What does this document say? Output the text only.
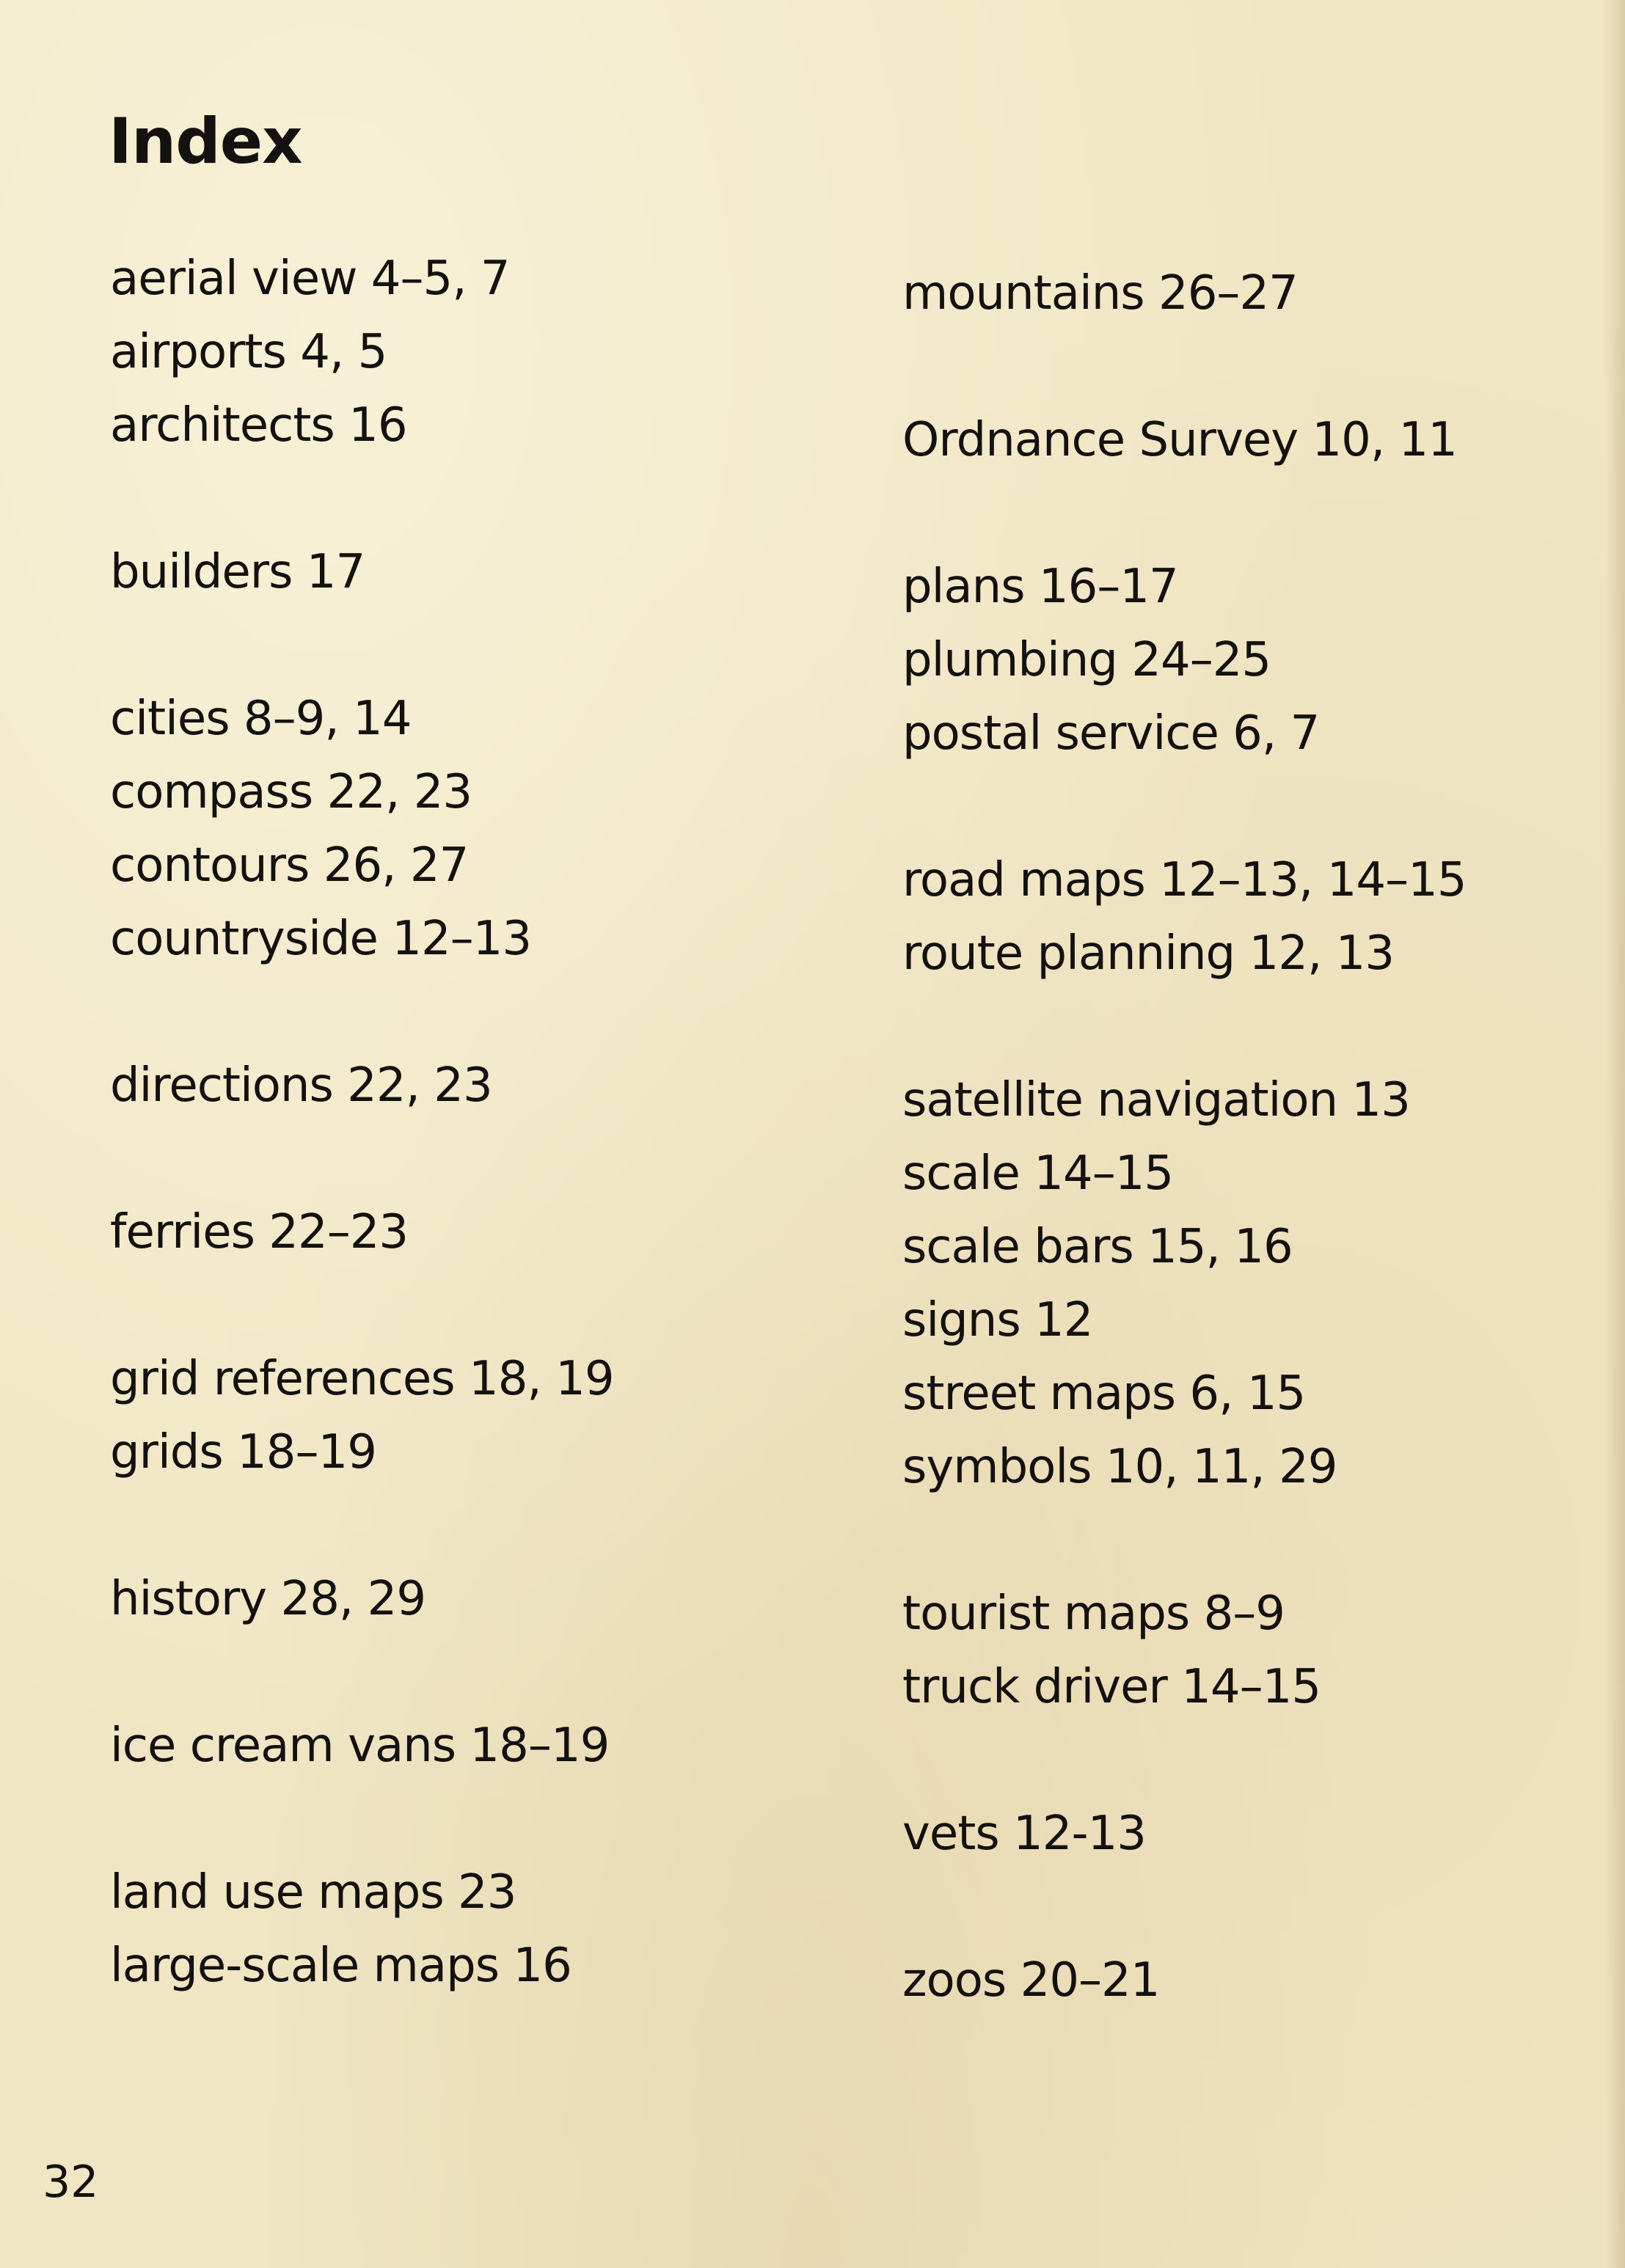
Index
aerial view 4–5, 7
airports 4, 5
architects 16
builders 17
cities 8–9, 14
compass 22, 23
contours 26, 27
countryside 12–13
directions 22, 23
ferries 22–23
grid references 18, 19
grids 18–19
history 28, 29
ice cream vans 18–19
land use maps 23
large-scale maps 16
mountains 26–27
Ordnance Survey 10, 11
plans 16–17
plumbing 24–25
postal service 6, 7
road maps 12–13, 14–15
route planning 12, 13
satellite navigation 13
scale 14–15
scale bars 15, 16
signs 12
street maps 6, 15
symbols 10, 11, 29
tourist maps 8–9
truck driver 14–15
vets 12-13
zoos 20–21
32
